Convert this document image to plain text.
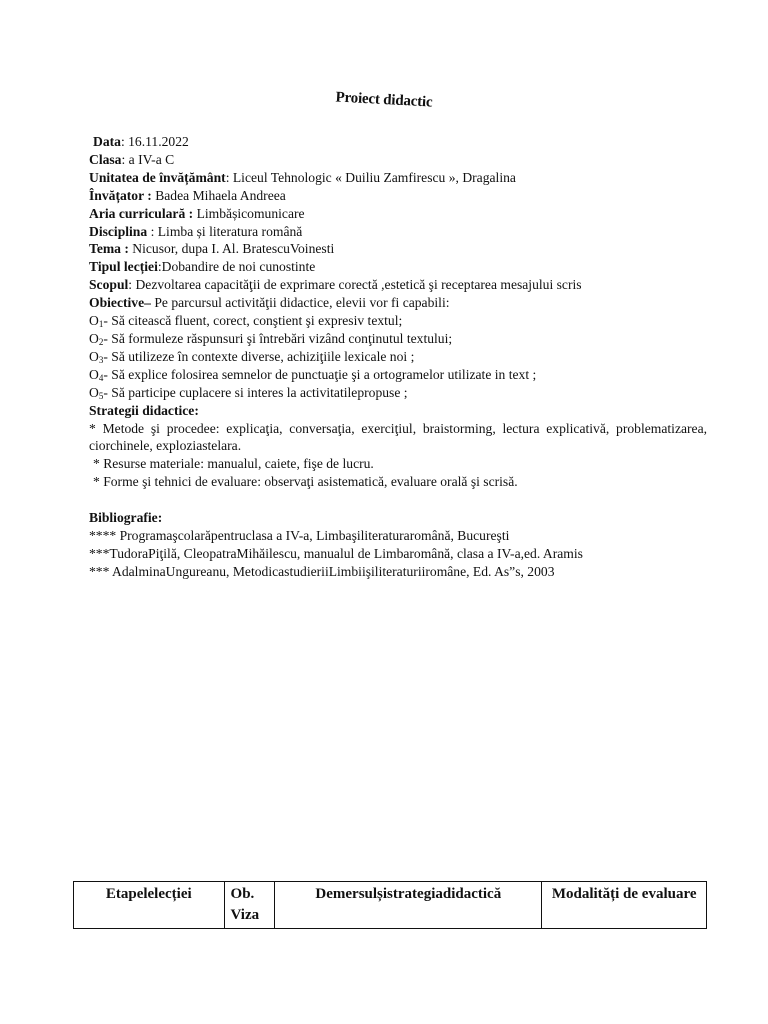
Proiect didactic
Data: 16.11.2022
Clasa: a IV-a C
Unitatea de învățământ: Liceul Tehnologic « Duiliu Zamfirescu », Dragalina
Învățator : Badea Mihaela Andreea
Aria curriculară : Limbășicomunicare
Disciplina : Limba și literatura română
Tema : Nicusor, dupa I. Al. BratescuVoinesti
Tipul lecției:Dobandire de noi cunostinte
Scopul: Dezvoltarea capacităţii de exprimare corectă ,estetică şi receptarea mesajului scris
Obiective– Pe parcursul activităţii didactice, elevii vor fi capabili:
$O_1-$ Să citească fluent, corect, conştient şi expresiv textul;
$O_2-$ Să formuleze răspunsuri şi întrebări vizând conţinutul textului;
$O_3-$ Să utilizeze în contexte diverse, achiziţiile lexicale noi ;
$O_4-$ Să explice folosirea semnelor de punctuaţie şi a ortogramelor utilizate in text ;
$O_5-$ Să participe cuplacere si interes la activitatilepropuse ;
Strategii didactice:
* Metode şi procedee: explicaţia, conversaţia, exerciţiul, braistorming, lectura explicativă, problematizarea, ciorchinele, exploziastelara.
* Resurse materiale: manualul, caiete, fişe de lucru.
* Forme şi tehnici de evaluare: observaţi asistematică, evaluare orală şi scrisă.
Bibliografie:
**** Programaşcolarăpentruclasa a IV-a, Limbaşiliteraturaromână, Bucureşti
***TudoraPiţilă, CleopatraMihăilescu, manualul de Limbaromână, clasa a IV-a,ed. Aramis
*** AdalminaUngureanu, MetodicastudieriiLimbiişiliteraturiiromâne, Ed. As”s, 2003
Etapelelecției	Ob. Viza	Demersulșistrategiadidactică	Modalități de evaluare
